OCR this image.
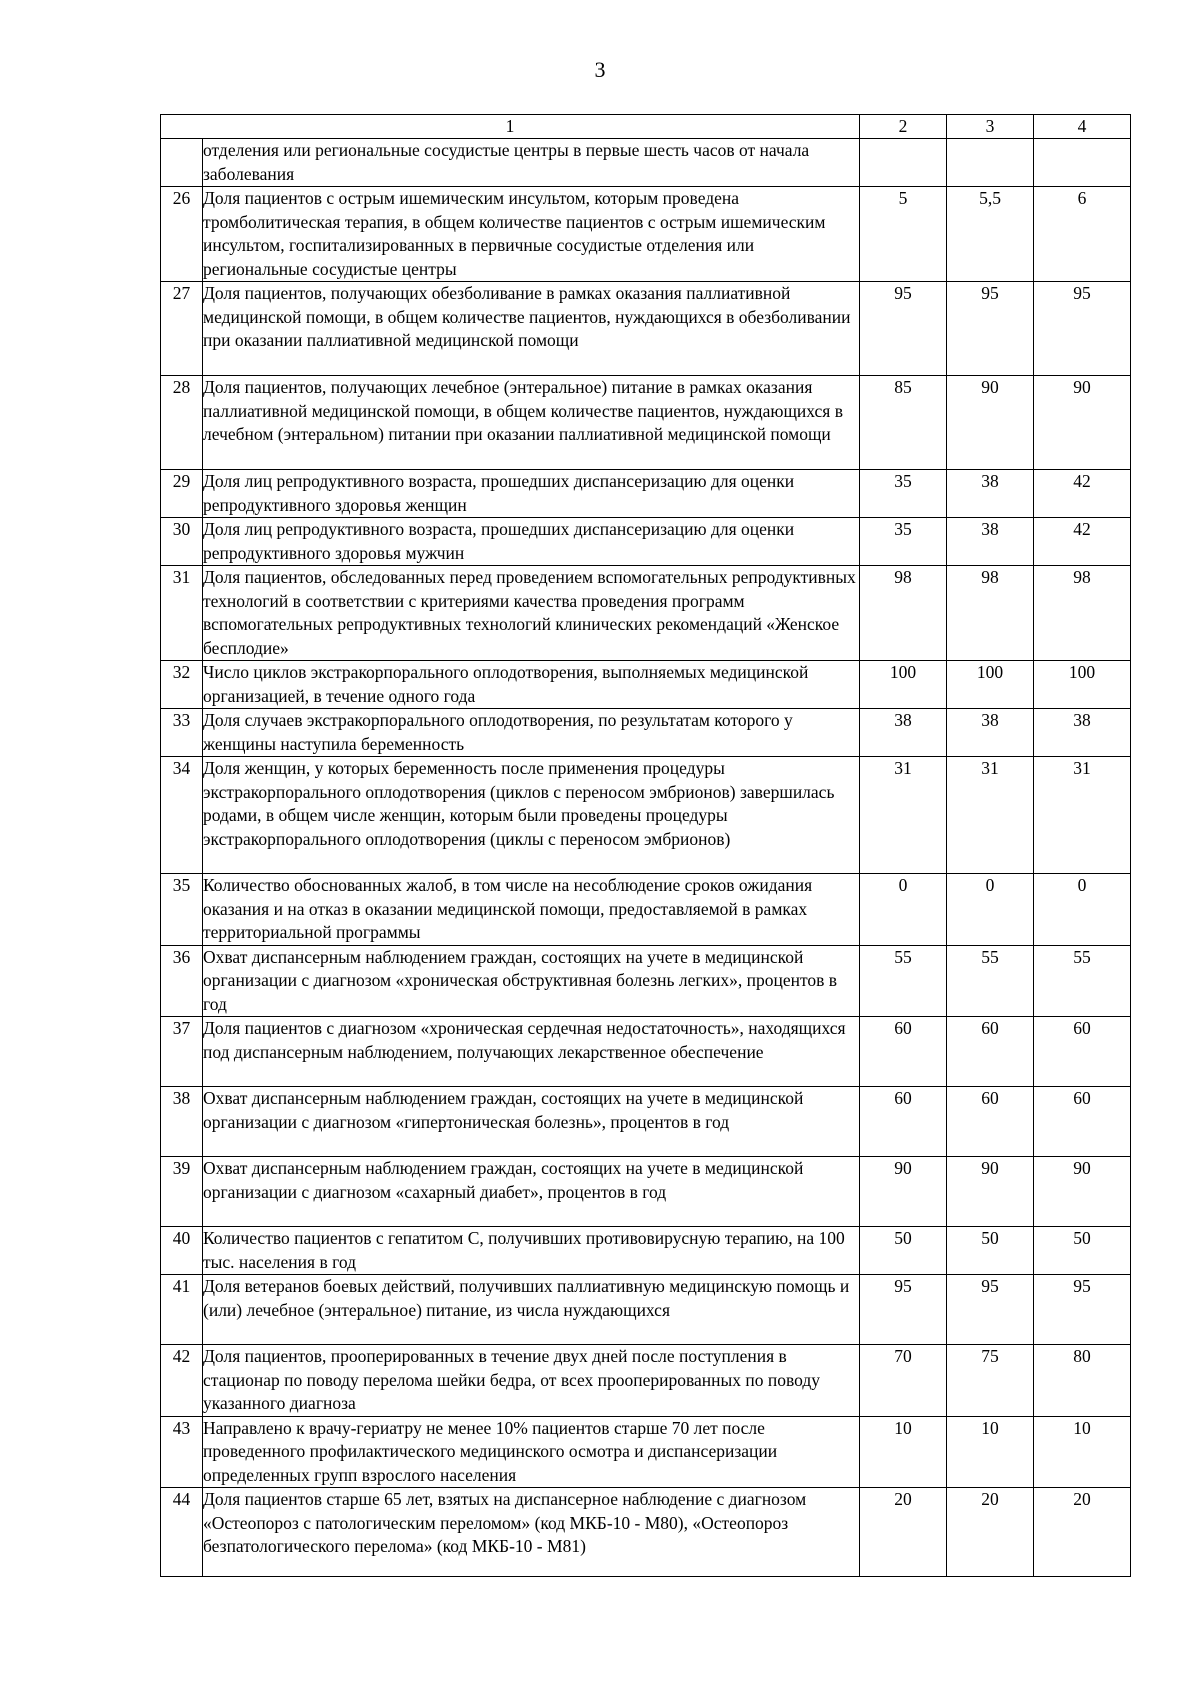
3
1		2	3	4
	отделения или региональные сосудистые центры в первые шесть часов от начала заболевания			
26	Доля пациентов с острым ишемическим инсультом, которым проведена тромболитическая терапия, в общем количестве пациентов с острым ишемическим инсультом, госпитализированных в первичные сосудистые отделения или региональные сосудистые центры	5	5,5	6
27	Доля пациентов, получающих обезболивание в рамках оказания паллиативной медицинской помощи, в общем количестве пациентов, нуждающихся в обезболивании при оказании паллиативной медицинской помощи	95	95	95
28	Доля пациентов, получающих лечебное (энтеральное) питание в рамках оказания паллиативной медицинской помощи, в общем количестве пациентов, нуждающихся в лечебном (энтеральном) питании при оказании паллиативной медицинской помощи	85	90	90
29	Доля лиц репродуктивного возраста, прошедших диспансеризацию для оценки репродуктивного здоровья женщин	35	38	42
30	Доля лиц репродуктивного возраста, прошедших диспансеризацию для оценки репродуктивного здоровья мужчин	35	38	42
31	Доля пациентов, обследованных перед проведением вспомогательных репродуктивных технологий в соответствии с критериями качества проведения программ вспомогательных репродуктивных технологий клинических рекомендаций «Женское бесплодие»	98	98	98
32	Число циклов экстракорпорального оплодотворения, выполняемых медицинской организацией, в течение одного года	100	100	100
33	Доля случаев экстракорпорального оплодотворения, по результатам которого у женщины наступила беременность	38	38	38
34	Доля женщин, у которых беременность после применения процедуры экстракорпорального оплодотворения (циклов с переносом эмбрионов) завершилась родами, в общем числе женщин, которым были проведены процедуры экстракорпорального оплодотворения (циклы с переносом эмбрионов)	31	31	31
35	Количество обоснованных жалоб, в том числе на несоблюдение сроков ожидания оказания и на отказ в оказании медицинской помощи, предоставляемой в рамках территориальной программы	0	0	0
36	Охват диспансерным наблюдением граждан, состоящих на учете в медицинской организации с диагнозом «хроническая обструктивная болезнь легких», процентов в год	55	55	55
37	Доля пациентов с диагнозом «хроническая сердечная недостаточность», находящихся под диспансерным наблюдением, получающих лекарственное обеспечение	60	60	60
38	Охват диспансерным наблюдением граждан, состоящих на учете в медицинской организации с диагнозом «гипертоническая болезнь», процентов в год	60	60	60
39	Охват диспансерным наблюдением граждан, состоящих на учете в медицинской организации с диагнозом «сахарный диабет», процентов в год	90	90	90
40	Количество пациентов с гепатитом С, получивших противовирусную терапию, на 100 тыс. населения в год	50	50	50
41	Доля ветеранов боевых действий, получивших паллиативную медицинскую помощь и (или) лечебное (энтеральное) питание, из числа нуждающихся	95	95	95
42	Доля пациентов, прооперированных в течение двух дней после поступления в стационар по поводу перелома шейки бедра, от всех прооперированных по поводу указанного диагноза	70	75	80
43	Направлено к врачу-гериатру не менее 10% пациентов старше 70 лет после проведенного профилактического медицинского осмотра и диспансеризации определенных групп взрослого населения	10	10	10
44	Доля пациентов старше 65 лет, взятых на диспансерное наблюдение с диагнозом «Остеопороз с патологическим переломом» (код МКБ-10 - M80), «Остеопороз безпатологического перелома» (код МКБ-10 - M81)	20	20	20
